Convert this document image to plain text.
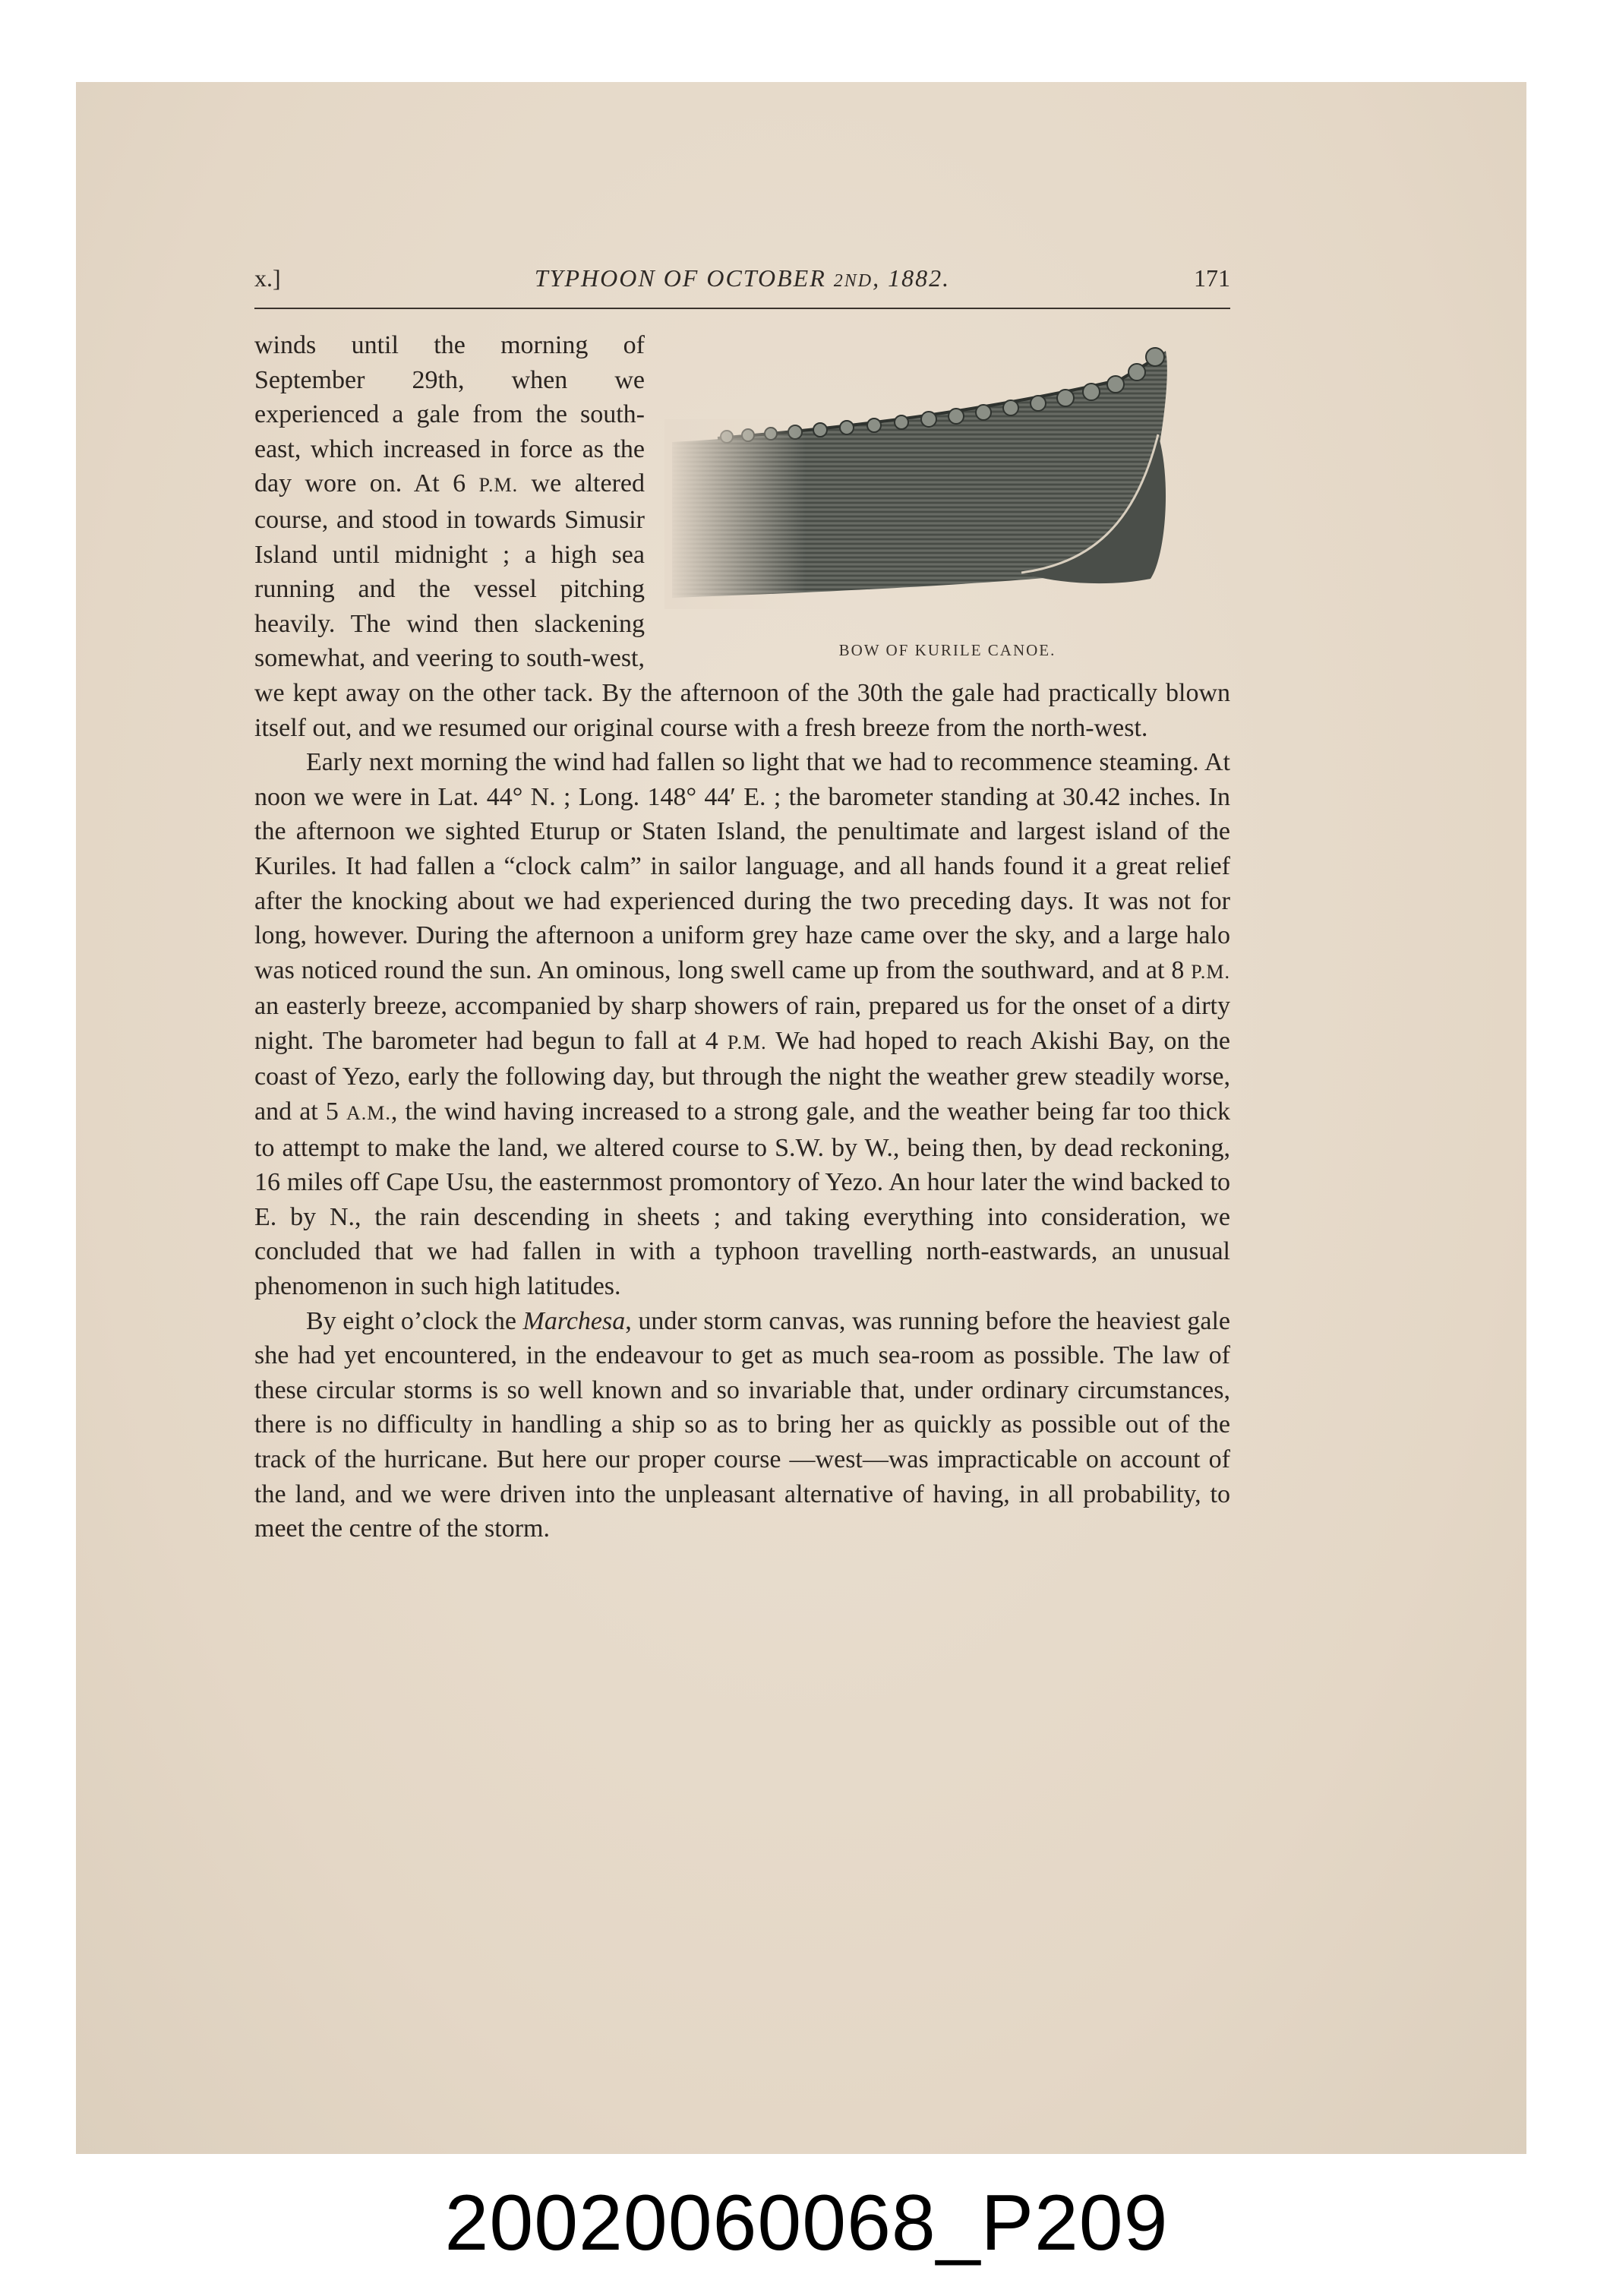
x.]	TYPHOON OF OCTOBER 2ND, 1882.	171
BOW OF KURILE CANOE.

winds until the morning of September 29th, when we experienced a gale from the south-east, which increased in force as the day wore on. At 6 P.M. we altered course, and stood in towards Simusir Island until midnight ; a high sea running and the vessel pitching heavily. The wind then slackening somewhat, and veering to south-west, we kept away on the other tack. By the afternoon of the 30th the gale had practically blown itself out, and we resumed our original course with a fresh breeze from the north-west.

Early next morning the wind had fallen so light that we had to recommence steaming. At noon we were in Lat. 44° N. ; Long. 148° 44′ E. ; the barometer standing at 30.42 inches. In the afternoon we sighted Eturup or Staten Island, the penultimate and largest island of the Kuriles. It had fallen a “clock calm” in sailor language, and all hands found it a great relief after the knocking about we had experienced during the two preceding days. It was not for long, however. During the afternoon a uniform grey haze came over the sky, and a large halo was noticed round the sun. An ominous, long swell came up from the southward, and at 8 P.M. an easterly breeze, accompanied by sharp showers of rain, prepared us for the onset of a dirty night. The barometer had begun to fall at 4 P.M. We had hoped to reach Akishi Bay, on the coast of Yezo, early the following day, but through the night the weather grew steadily worse, and at 5 A.M., the wind having increased to a strong gale, and the weather being far too thick to attempt to make the land, we altered course to S.W. by W., being then, by dead reckoning, 16 miles off Cape Usu, the easternmost promontory of Yezo. An hour later the wind backed to E. by N., the rain descending in sheets ; and taking everything into consideration, we concluded that we had fallen in with a typhoon travelling north-eastwards, an unusual phenomenon in such high latitudes.

By eight o’clock the Marchesa, under storm canvas, was running before the heaviest gale she had yet encountered, in the endeavour to get as much sea-room as possible. The law of these circular storms is so well known and so invariable that, under ordinary circumstances, there is no difficulty in handling a ship so as to bring her as quickly as possible out of the track of the hurricane. But here our proper course —west—was impracticable on account of the land, and we were driven into the unpleasant alternative of having, in all probability, to meet the centre of the storm.

20020060068_P209
